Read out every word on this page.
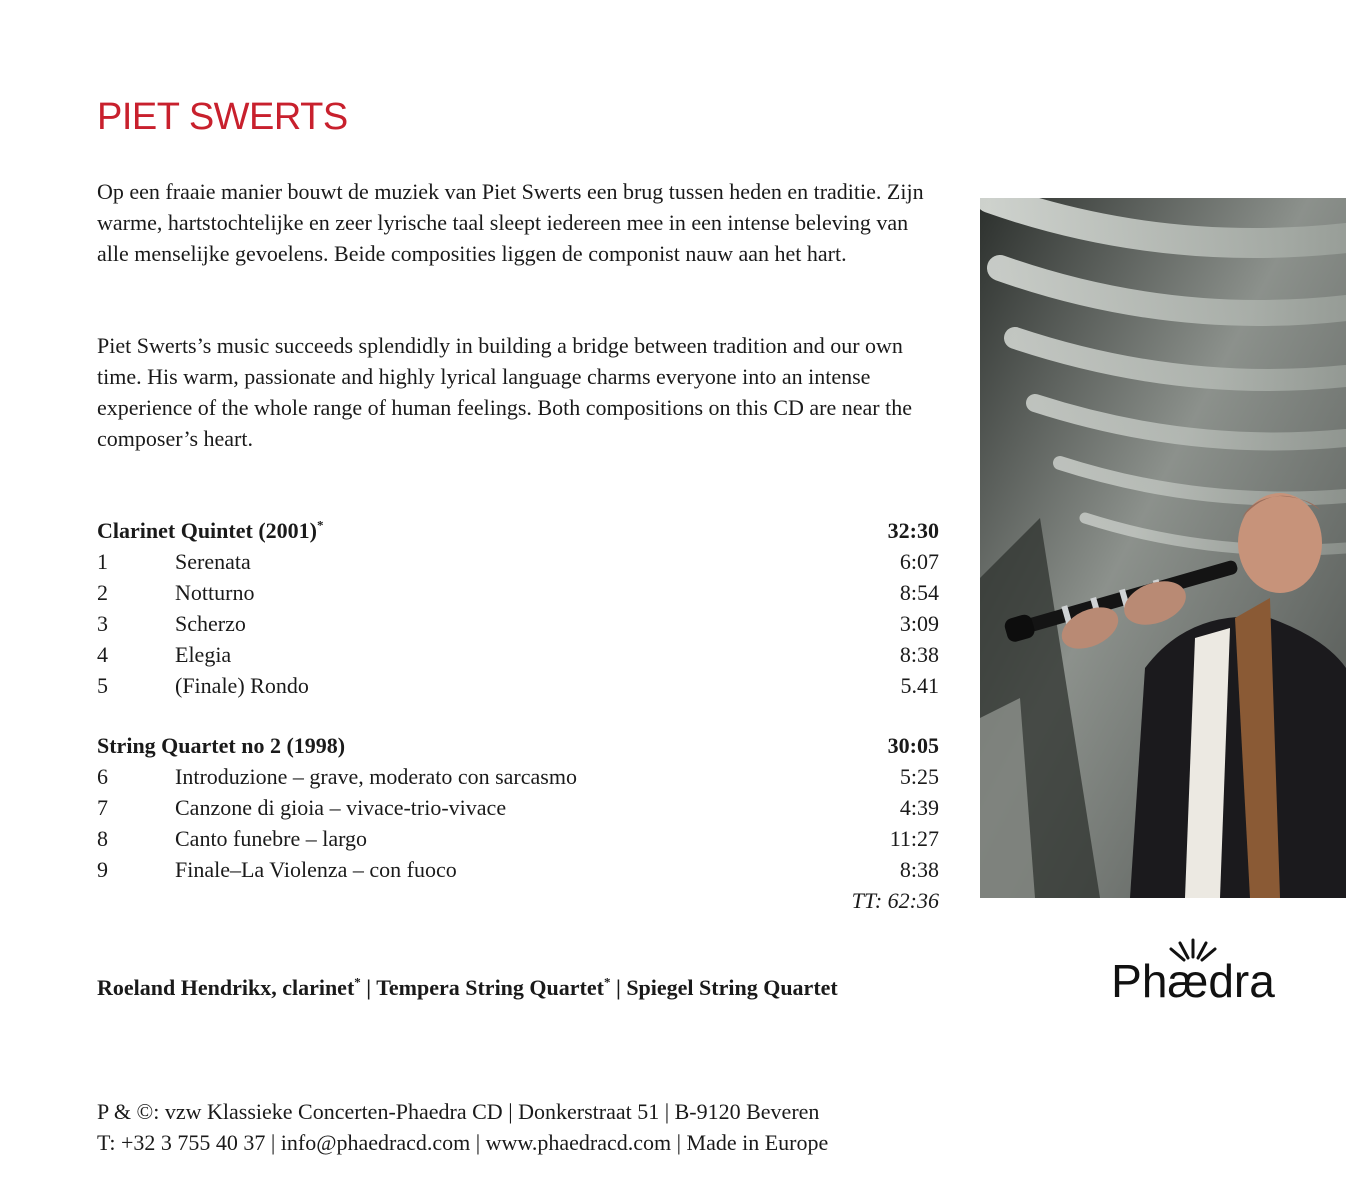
PIET SWERTS

Op een fraaie manier bouwt de muziek van Piet Swerts een brug tussen heden en traditie. Zijn warme, hartstochtelijke en zeer lyrische taal sleept iedereen mee in een intense beleving van alle menselijke gevoelens. Beide composities liggen de componist nauw aan het hart.

Piet Swerts’s music succeeds splendidly in building a bridge between tradition and our own time. His warm, passionate and highly lyrical language charms everyone into an intense experience of the whole range of human feelings. Both compositions on this CD are near the composer’s heart.

Clarinet Quintet (2001)*	32:30
1	Serenata	6:07
2	Notturno	8:54
3	Scherzo	3:09
4	Elegia	8:38
5	(Finale) Rondo	5.41
String Quartet no 2 (1998)	30:05
6	Introduzione – grave, moderato con sarcasmo	5:25
7	Canzone di gioia – vivace-trio-vivace	4:39
8	Canto funebre – largo	11:27
9	Finale–La Violenza – con fuoco	8:38
TT: 62:36
Roeland Hendrikx, clarinet* | Tempera String Quartet* | Spiegel String Quartet
P & ©: vzw Klassieke Concerten-Phaedra CD | Donkerstraat 51 | B-9120 Beveren
T: +32 3 755 40 37 | info@phaedracd.com | www.phaedracd.com | Made in Europe
Phædra
